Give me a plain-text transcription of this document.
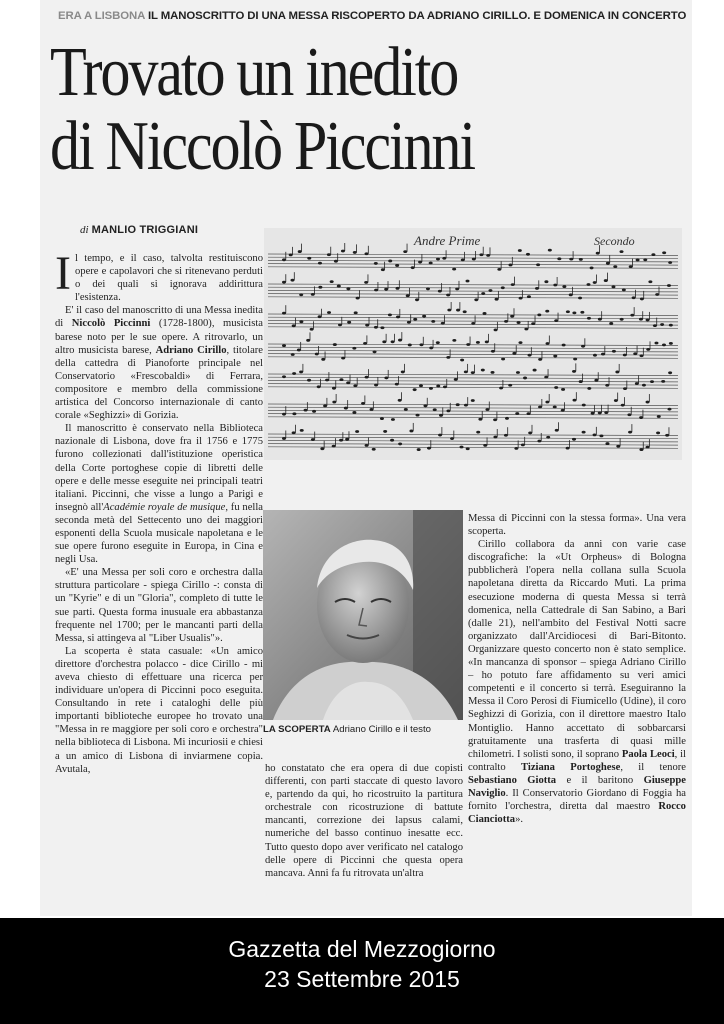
ERA A LISBONA IL MANOSCRITTO DI UNA MESSA RISCOPERTO DA ADRIANO CIRILLO. E DOMENICA IN CONCERTO
Trovato un inedito
di Niccolò Piccinni
di MANLIO TRIGGIANI
Andre Prime	Secondo
LA SCOPERTA Adriano Cirillo e il testo

Il tempo, e il caso, talvolta restituiscono opere e capolavori che si ritenevano perduti o dei quali si ignorava addirittura l'esistenza.

E' il caso del manoscritto di una Messa inedita di Niccolò Piccinni (1728-1800), musicista barese noto per le sue opere. A ritrovarlo, un altro musicista barese, Adriano Cirillo, titolare della cattedra di Pianoforte principale nel Conservatorio «Frescobaldi» di Ferrara, compositore e membro della commissione artistica del Concorso internazionale di canto corale «Seghizzi» di Gorizia.

Il manoscritto è conservato nella Biblioteca nazionale di Lisbona, dove fra il 1756 e 1775 furono collezionati dall'istituzione operistica della Corte portoghese copie di libretti delle opere e delle messe eseguite nei principali teatri italiani. Piccinni, che visse a lungo a Parigi e insegnò all'Académie royale de musique, fu nella seconda metà del Settecento uno dei maggiori esponenti della Scuola musicale napoletana e le sue opere furono eseguite in Europa, in Cina e negli Usa.

«E' una Messa per soli coro e orchestra dalla struttura particolare - spiega Cirillo -: consta di un "Kyrie" e di un "Gloria", completo di tutte le sue parti. Questa forma inusuale era abbastanza frequente nel 1700; per le mancanti parti della Messa, si attingeva al "Liber Usualis"».

La scoperta è stata casuale: «Un amico direttore d'orchestra polacco - dice Cirillo - mi aveva chiesto di effettuare una ricerca per individuare un'opera di Piccinni poco eseguita. Consultando in rete i cataloghi delle più importanti biblioteche europee ho trovato una "Messa in re maggiore per soli coro e orchestra" nella biblioteca di Lisbona. Mi incuriosii e chiesi a un amico di Lisbona di inviarmene copia. Avutala,	ho constatato che era opera di due copisti differenti, con parti staccate di questo lavoro e, partendo da qui, ho ricostruito la partitura orchestrale con ricostruzione di battute mancanti, correzione dei lapsus calami, numeriche del basso continuo inesatte ecc. Tutto questo dopo aver verificato nel catalogo delle opere di Piccinni che questa opera mancava. Anni fa fu ritrovata un'altra

Messa di Piccinni con la stessa forma». Una vera scoperta.

Cirillo collabora da anni con varie case discografiche: la «Ut Orpheus» di Bologna pubblicherà l'opera nella collana sulla Scuola napoletana diretta da Riccardo Muti. La prima esecuzione moderna di questa Messa si terrà domenica, nella Cattedrale di San Sabino, a Bari (dalle 21), nell'ambito del Festival Notti sacre organizzato dall'Arcidiocesi di Bari-Bitonto. Organizzare questo concerto non è stato semplice. «In mancanza di sponsor – spiega Adriano Cirillo – ho potuto fare affidamento su veri amici competenti e il concerto si terrà. Eseguiranno la Messa il Coro Perosi di Fiumicello (Udine), il coro Seghizzi di Gorizia, con il direttore maestro Italo Montiglio. Hanno accettato di sobbarcarsi gratuitamente una trasferta di quasi mille chilometri. I solisti sono, il soprano Paola Leoci, il contralto Tiziana Portoghese, il tenore Sebastiano Giotta e il baritono Giuseppe Naviglio. Il Conservatorio Giordano di Foggia ha fornito l'orchestra, diretta dal maestro Rocco Cianciotta».

Gazzetta del Mezzogiorno
23 Settembre 2015
